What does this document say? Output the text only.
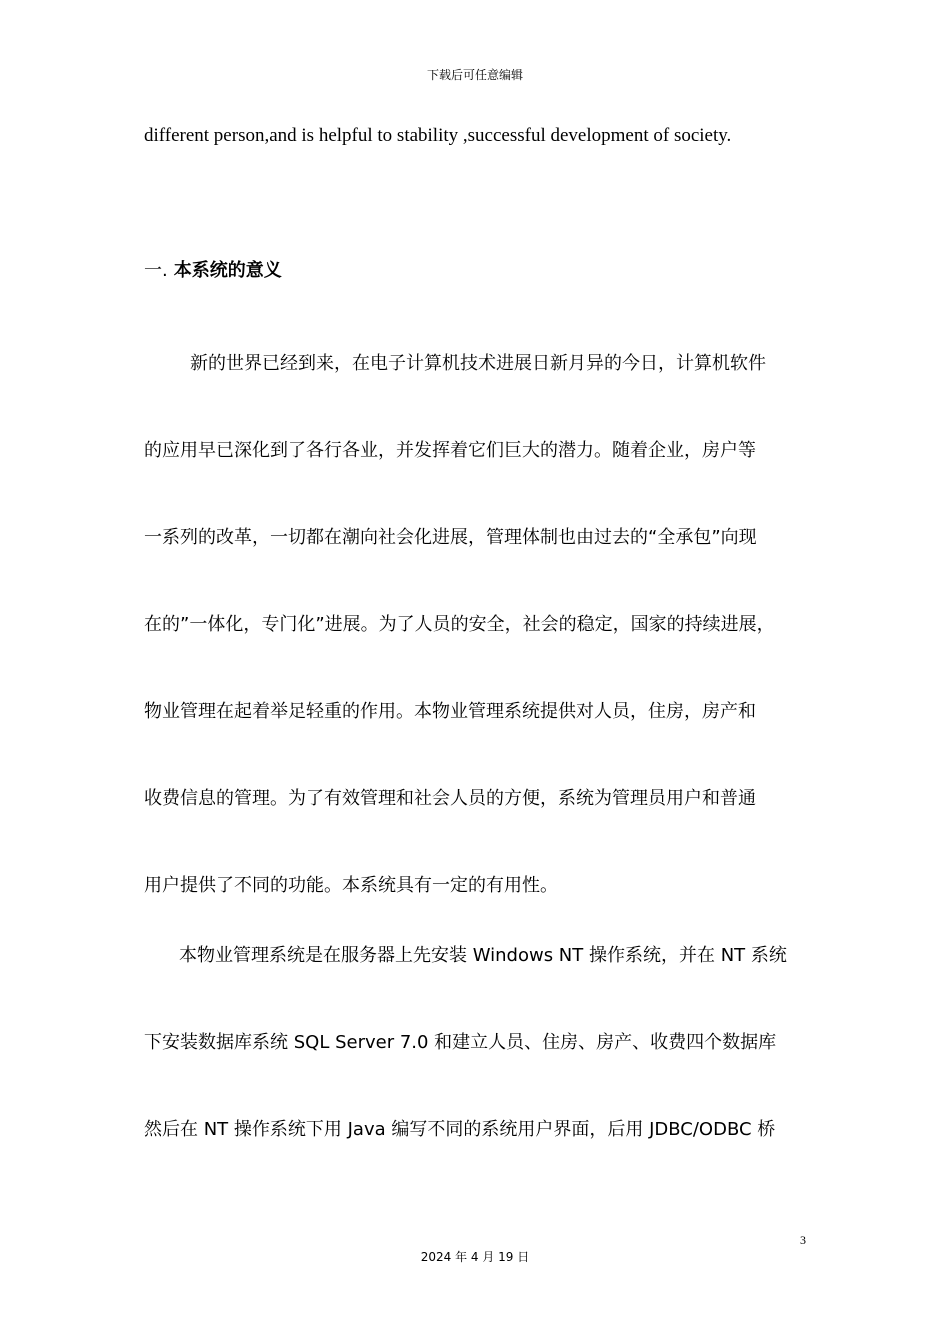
下载后可任意编辑
different person,and is helpful to stability ,successful development of society.
一. 本系统的意义
新的世界已经到来，在电子计算机技术进展日新月异的今日，计算机软件
的应用早已深化到了各行各业，并发挥着它们巨大的潜力。随着企业，房户等
一系列的改革，一切都在潮向社会化进展，管理体制也由过去的“全承包”向现
在的”一体化，专门化”进展。为了人员的安全，社会的稳定，国家的持续进展，
物业管理在起着举足轻重的作用。本物业管理系统提供对人员，住房，房产和
收费信息的管理。为了有效管理和社会人员的方便，系统为管理员用户和普通
用户提供了不同的功能。本系统具有一定的有用性。
本物业管理系统是在服务器上先安装 Windows NT 操作系统，并在 NT 系统
下安装数据库系统 SQL Server 7.0 和建立人员、住房、房产、收费四个数据库
然后在 NT 操作系统下用 Java 编写不同的系统用户界面，后用 JDBC/ODBC 桥
3
2024 年 4 月 19 日
